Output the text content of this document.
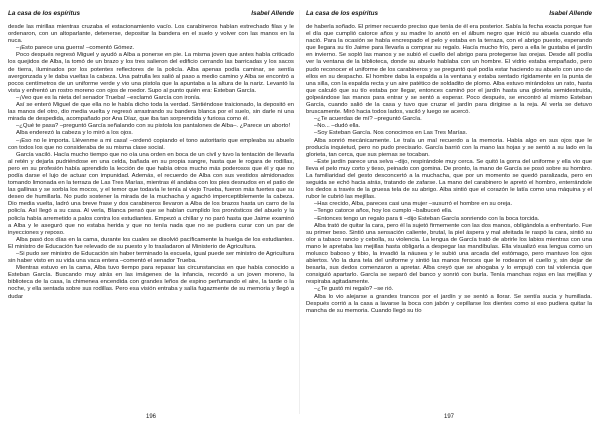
La casa de los espíritus	Isabel Allende

desde las mirillas mientras cruzaba el estacionamiento vacío. Los carabineros habían estrechado filas y le ordenaron, con un altoparlante, detenerse, depositar la bandera en el suelo y volver con las manos en la nuca.

–¡Esto parece una guerra! –comentó Gómez.

Poco después regresó Miguel y ayudó a Alba a ponerse en pie. La misma joven que antes había criticado los quejidos de Alba, la tomó de un brazo y los tres salieron del edificio cerrando las barricadas y los sacos de tierra, iluminados por los potentes reflectores de la policía. Alba apenas podía caminar, se sentía avergonzada y le daba vueltas la cabeza. Una patrulla les salió al paso a medio camino y Alba se encontró a pocos centímetros de un uniforme verde y vio una pistola que la apuntaba a la altura de la nariz. Levantó la vista y enfrentó un rostro moreno con ojos de roedor. Supo al punto quién era: Esteban García.

–¡Veo que es la nieta del senador Trueba! –exclamó García con ironía.

Así se enteró Miguel de que ella no le había dicho toda la verdad. Sintiéndose traicionado, la depositó en las manos del otro, dio media vuelta y regresó arrastrando su bandera blanca por el suelo, sin darle ni una mirada de despedida, acompañado por Ana Díaz, que iba tan sorprendida y furiosa como él.

–¿Qué te pasa? –preguntó García señalando con su pistola los pantalones de Alba–. ¿Parece un aborto!

Alba enderezó la cabeza y lo miró a los ojos.

–¡Eso no le importa. Llévenme a mi casa! –ordenó copiando el tono autoritario que empleaba su abuelo con todos los que no consideraba de su misma clase social.

García vaciló. Hacía mucho tiempo que no oía una orden en boca de un civil y tuvo la tentación de llevarla al retén y dejarla pudriéndose en una celda, bañada en su propia sangre, hasta que le rogara de rodillas, pero en su profesión había aprendido la lección de que había otros mucho más poderosos que él y que no podía darse el lujo de actuar con impunidad. Además, el recuerdo de Alba con sus vestidos almidonados tomando limonada en la terraza de Las Tres Marías, mientras él andaba con los pies desnudos en el patio de las gallinas y se sorbía los mocos, y el temor que todavía le tenía al viejo Trueba, fueron más fuertes que su deseo de humillarla. No pudo sostener la mirada de la muchacha y agachó imperceptiblemente la cabeza. Dio media vuelta, ladró una breve frase y dos carabineros llevaron a Alba de los brazos hasta un carro de la policía. Así llegó a su casa. Al verla, Blanca pensó que se habían cumplido los pronósticos del abuelo y la policía había arremetido a palos contra los estudiantes. Empezó a chillar y no paró hasta que Jaime examinó a Alba y le aseguró que no estaba herida y que no tenía nada que no se pudiera curar con un par de inyecciones y reposo.

Alba pasó dos días en la cama, durante los cuales se disolvió pacíficamente la huelga de los estudiantes. El ministro de Educación fue relevado de su puesto y lo trasladaron al Ministerio de Agricultura.

–Si pudo ser ministro de Educación sin haber terminado la escuela, igual puede ser ministro de Agricultura sin haber visto en su vida una vaca entera –comentó el senador Trueba.

Mientras estuvo en la cama, Alba tuvo tiempo para repasar las circunstancias en que había conocido a Esteban García. Buscando muy atrás en las imágenes de la infancia, recordó a un joven moreno, la biblioteca de la casa, la chimenea encendida con grandes leños de espino perfumando el aire, la tarde o la noche, y ella sentada sobre sus rodillas. Pero esa visión entraba y salía fugazmente de su memoria y llegó a dudar

196
La casa de los espíritus	Isabel Allende

de haberla soñado. El primer recuerdo preciso que tenía de él era posterior. Sabía la fecha exacta porque fue el día que cumplió catorce años y su madre lo anotó en el álbum negro que inició su abuela cuando ella nació. Para la ocasión se había encrespado el pelo y estaba en la terraza, con el abrigo puesto, esperando que llegara su tío Jaime para llevarla a comprar su regalo. Hacía mucho frío, pero a ella le gustaba el jardín en invierno. Se sopló las manos y se subió el cuello del abrigo para protegerse las orejas. Desde allí podía ver la ventana de la biblioteca, donde su abuelo hablaba con un hombre. El vidrio estaba empañado, pero pudo reconocer el uniforme de los carabineros y se preguntó qué podía estar haciendo su abuelo con uno de ellos en su despacho. El hombre daba la espalda a la ventana y estaba sentado rígidamente en la punta de una silla, con la espalda recta y un aire patético de soldadito de plomo. Alba estuvo mirándolos un rato, hasta que calculó que su tío estaba por llegar, entonces caminó por el jardín hasta una glorieta semidestruida, golpeándose las manos para entrar y se sentó a esperar. Poco después, se encontró al mismo Esteban García, cuando salió de la casa y tuvo que cruzar el jardín para dirigirse a la reja. Al verla se detuvo bruscamente. Miró hacia todos lados, vaciló y luego se acercó.

–¿Te acuerdas de mí? –preguntó García.

–No... –dudó ella.

–Soy Esteban García. Nos conocimos en Las Tres Marías.

Alba sonrió mecánicamente. Le traía un mal recuerdo a la memoria. Había algo en sus ojos que le producía inquietud, pero no pudo precisarlo. García barrió con la mano las hojas y se sentó a su lado en la glorieta, tan cerca, que sus piernas se tocaban.

–Este jardín parece una selva –dijo, respirándole muy cerca. Se quitó la gorra del uniforme y ella vio que lleva el pelo muy corto y tieso, peinado con gomina. De pronto, la mano de García se posó sobre su hombro. La familiaridad del gesto desconcertó a la muchacha, que por un momento se quedó paralizada, pero en seguida se echó hacia atrás, tratando de zafarse. La mano del carabinero le apretó el hombro, enterrándole los dedos a través de la gruesa tela de su abrigo. Alba sintió que el corazón le latía como una máquina y el rubor le cubrió las mejillas.

–Has crecido, Alba, pareces casi una mujer –susurró el hombre en su oreja.

–Tengo catorce años, hoy los cumplo –balbuceó ella.

–Entonces tengo un regalo para ti –dijo Esteban García sonriendo con la boca torcida.

Alba trató de quitar la cara, pero él la sujetó firmemente con las dos manos, obligándola a enfrentarlo. Fue su primer beso. Sintió una sensación caliente, brutal, la piel áspera y mal afeitada le raspó la cara, sintió su olor a tabaco rancio y cebolla, su violencia. La lengua de García trató de abrirle los labios mientras con una mano le apretaba las mejillas hasta obligarla a despegar las mandíbulas. Ella visualizó esa lengua como un molusco baboso y tibio, la invadió la náusea y le subió una arcada del estómago, pero mantuvo los ojos abiertos. Vio la dura tela del uniforme y sintió las manos feroces que le rodearon el cuello y, sin dejar de besarla, sus dedos comenzaron a apretar. Alba creyó que se ahogaba y lo empujó con tal violencia que consiguió apartarlo. García se separó del banco y sonrió con burla. Tenía manchas rojas en las mejillas y respiraba agitadamente.

–¿Te gustó mi regalo? –se rió.

Alba lo vio alejarse a grandes trancos por el jardín y se sentó a llorar. Se sentía sucia y humillada. Después corrió a la casa a lavarse la boca con jabón y cepillarse los dientes como si eso pudiera quitar la mancha de su memoria. Cuando llegó su tío

197
